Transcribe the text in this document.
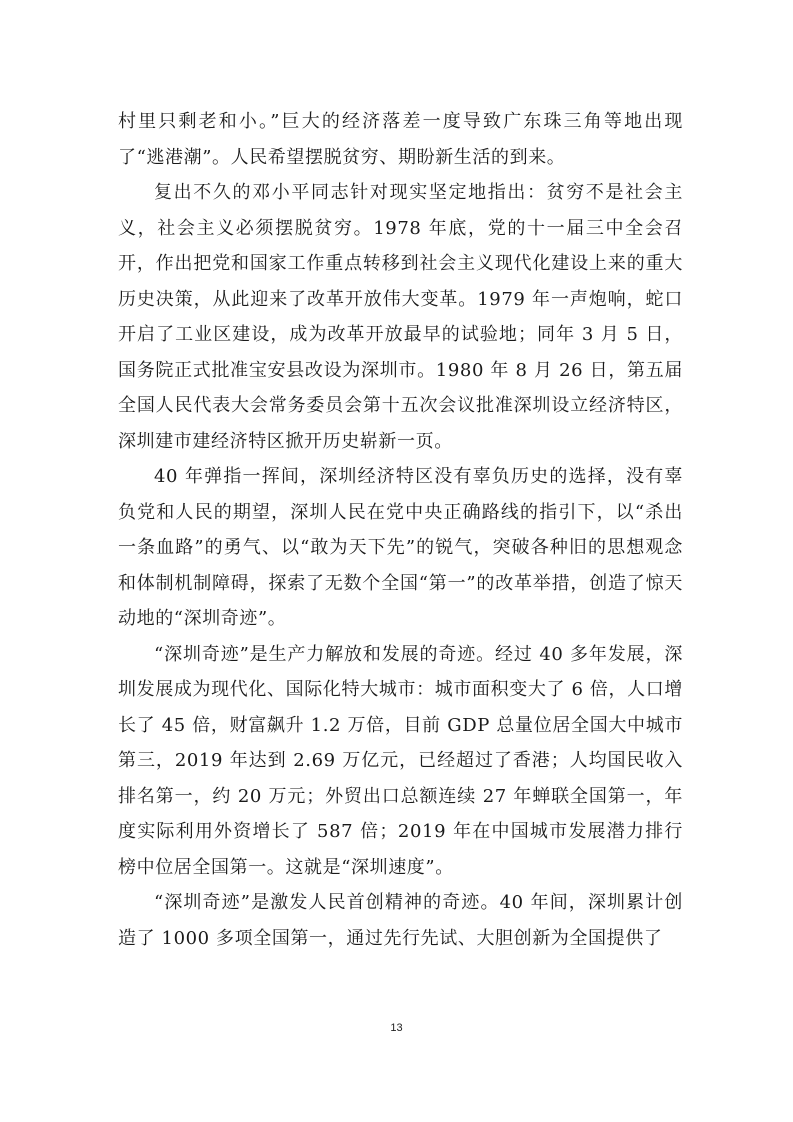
村里只剩老和小。”巨大的经济落差一度导致广东珠三角等地出现了“逃港潮”。人民希望摆脱贫穷、期盼新生活的到来。

复出不久的邓小平同志针对现实坚定地指出：贫穷不是社会主义，社会主义必须摆脱贫穷。1978 年底，党的十一届三中全会召开，作出把党和国家工作重点转移到社会主义现代化建设上来的重大历史决策，从此迎来了改革开放伟大变革。1979 年一声炮响，蛇口开启了工业区建设，成为改革开放最早的试验地；同年 3 月 5 日，国务院正式批准宝安县改设为深圳市。1980 年 8 月 26 日，第五届全国人民代表大会常务委员会第十五次会议批准深圳设立经济特区，深圳建市建经济特区掀开历史崭新一页。

40 年弹指一挥间，深圳经济特区没有辜负历史的选择，没有辜负党和人民的期望，深圳人民在党中央正确路线的指引下，以“杀出一条血路”的勇气、以“敢为天下先”的锐气，突破各种旧的思想观念和体制机制障碍，探索了无数个全国“第一”的改革举措，创造了惊天动地的“深圳奇迹”。

“深圳奇迹”是生产力解放和发展的奇迹。经过 40 多年发展，深圳发展成为现代化、国际化特大城市：城市面积变大了 6 倍，人口增长了 45 倍，财富飙升 1.2 万倍，目前 GDP 总量位居全国大中城市第三，2019 年达到 2.69 万亿元，已经超过了香港；人均国民收入排名第一，约 20 万元；外贸出口总额连续 27 年蝉联全国第一，年度实际利用外资增长了 587 倍；2019 年在中国城市发展潜力排行榜中位居全国第一。这就是“深圳速度”。

“深圳奇迹”是激发人民首创精神的奇迹。40 年间，深圳累计创造了 1000 多项全国第一，通过先行先试、大胆创新为全国提供了

13
